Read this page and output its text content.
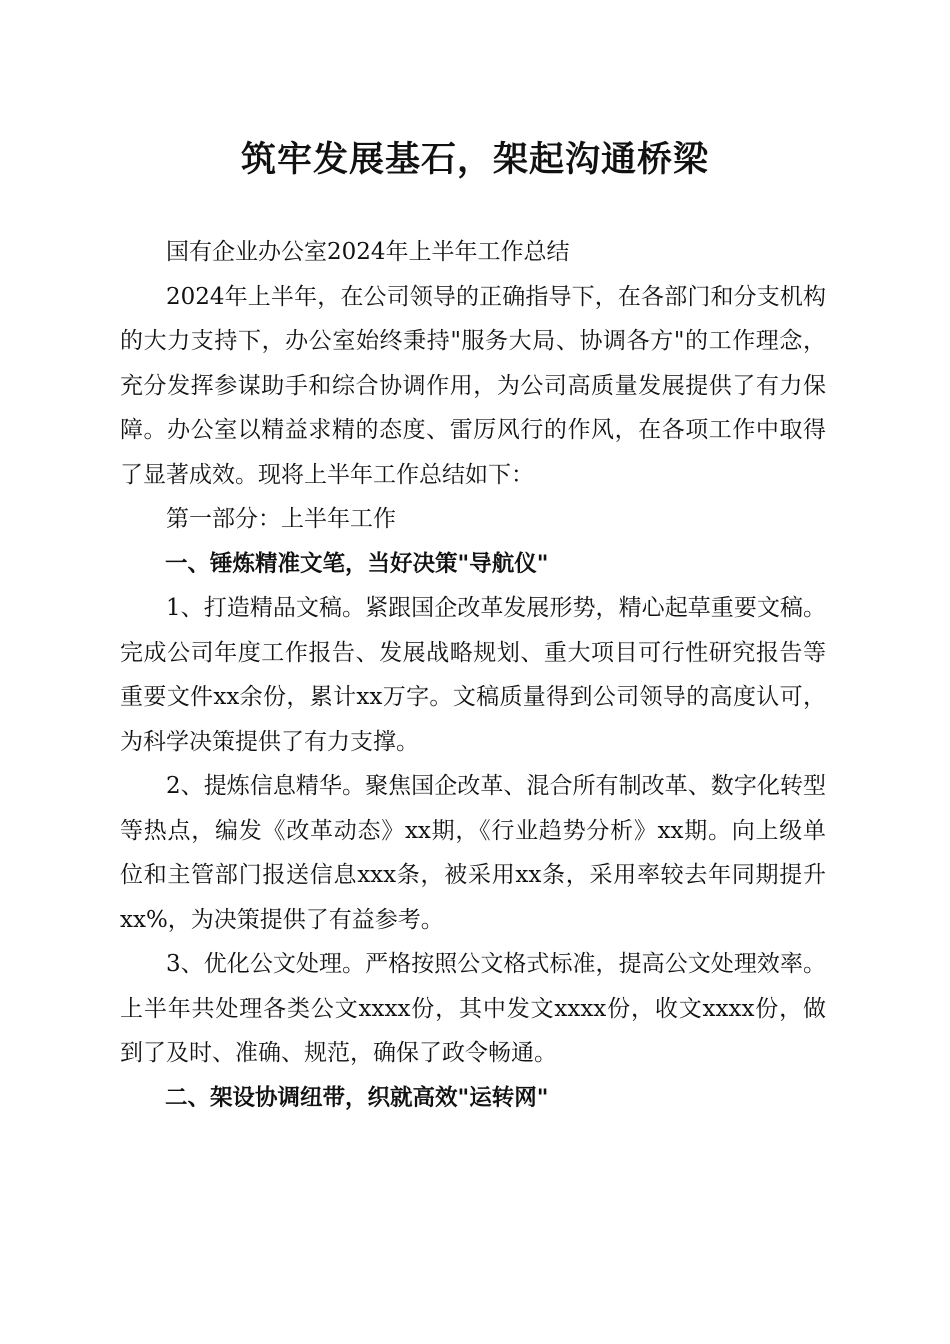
筑牢发展基石，架起沟通桥梁

国有企业办公室2024年上半年工作总结

2024年上半年，在公司领导的正确指导下，在各部门和分支机构的大力支持下，办公室始终秉持"服务大局、协调各方"的工作理念，充分发挥参谋助手和综合协调作用，为公司高质量发展提供了有力保障。办公室以精益求精的态度、雷厉风行的作风，在各项工作中取得了显著成效。现将上半年工作总结如下：

第一部分：上半年工作

一、锤炼精准文笔，当好决策"导航仪"

1、打造精品文稿。紧跟国企改革发展形势，精心起草重要文稿。完成公司年度工作报告、发展战略规划、重大项目可行性研究报告等重要文件xx余份，累计xx万字。文稿质量得到公司领导的高度认可，为科学决策提供了有力支撑。

2、提炼信息精华。聚焦国企改革、混合所有制改革、数字化转型等热点，编发《改革动态》xx期，《行业趋势分析》xx期。向上级单位和主管部门报送信息xxx条，被采用xx条，采用率较去年同期提升xx%，为决策提供了有益参考。

3、优化公文处理。严格按照公文格式标准，提高公文处理效率。上半年共处理各类公文xxxx份，其中发文xxxx份，收文xxxx份，做到了及时、准确、规范，确保了政令畅通。

二、架设协调纽带，织就高效"运转网"
